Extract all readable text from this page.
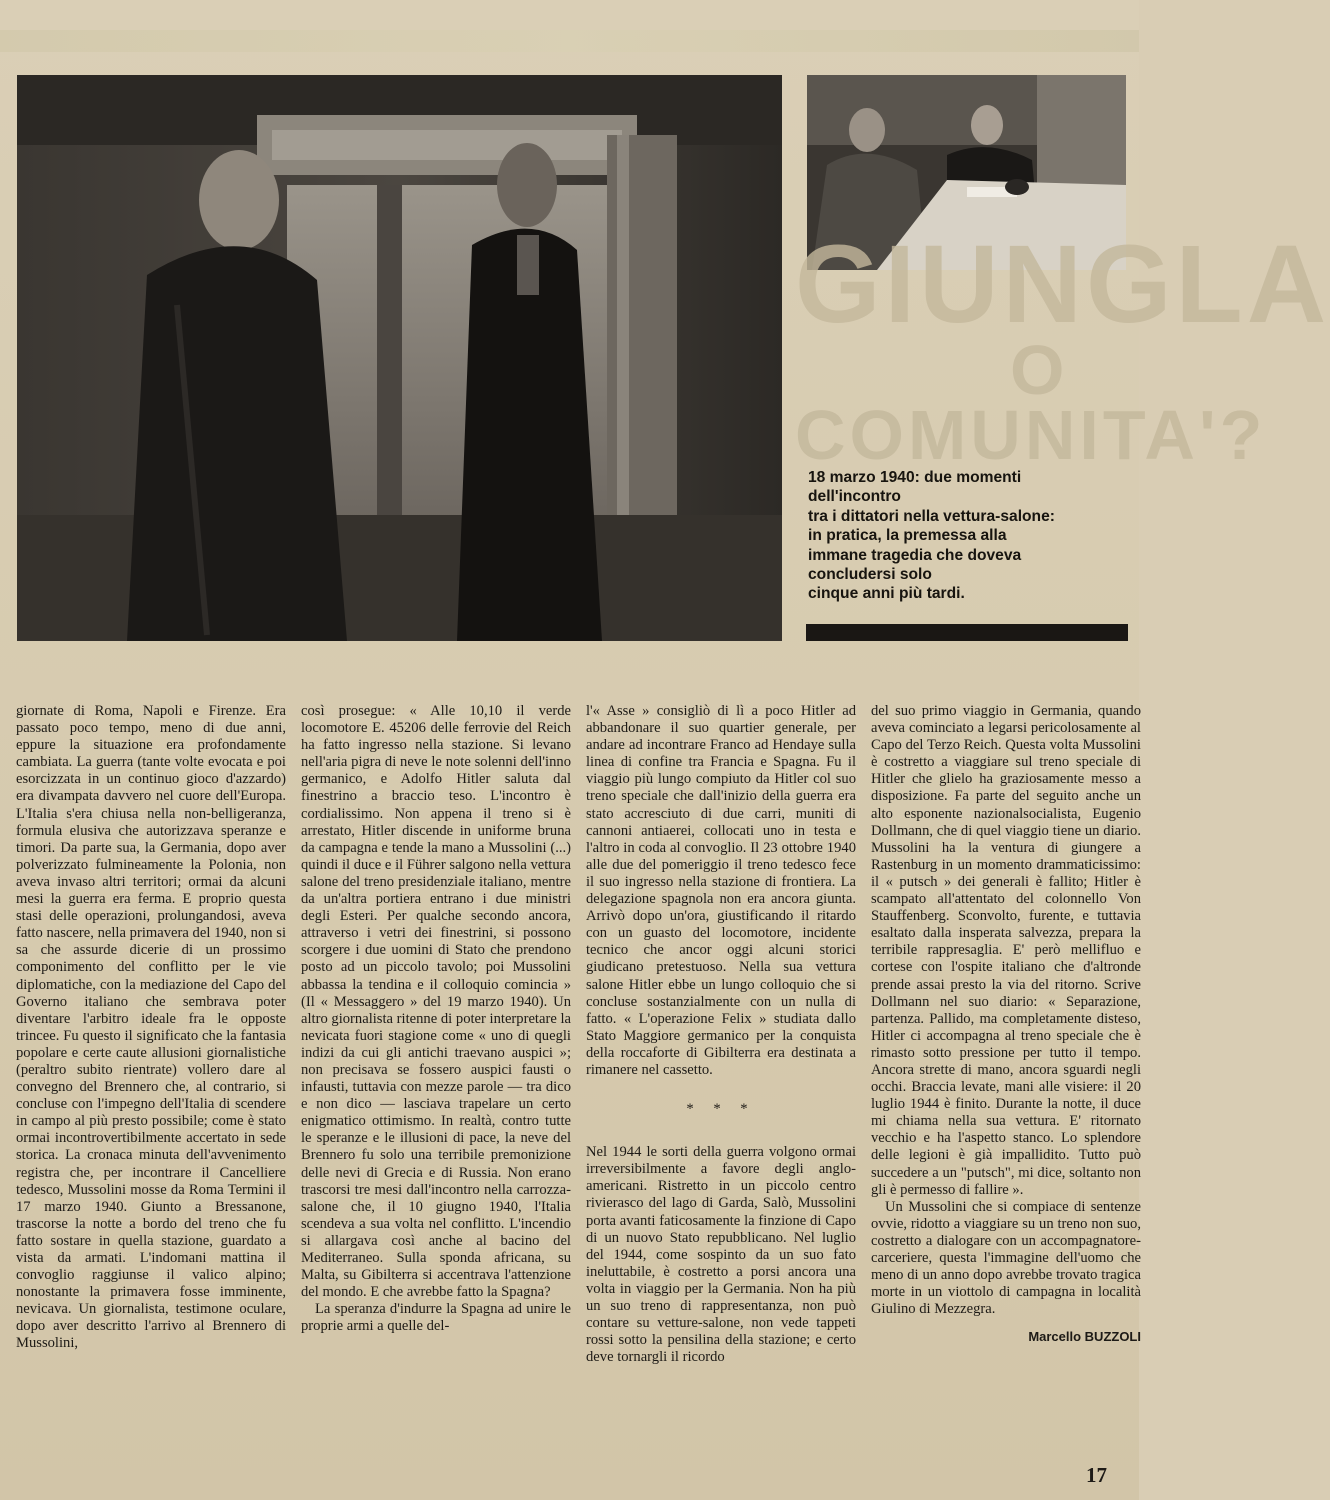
GIUNGLA
O
COMUNITA'?
18 marzo 1940: due momenti
dell'incontro
tra i dittatori nella vettura-salone:
in pratica, la premessa alla
immane tragedia che doveva
concludersi solo
cinque anni più tardi.

giornate di Roma, Napoli e Firenze. Era passato poco tempo, meno di due anni, eppure la situazione era profondamente cambiata. La guerra (tante volte evocata e poi esorcizzata in un continuo gioco d'azzardo) era divampata davvero nel cuore dell'Europa. L'Italia s'era chiusa nella non-belligeranza, formula elusiva che autorizzava speranze e timori. Da parte sua, la Germania, dopo aver polverizzato fulmineamente la Polonia, non aveva invaso altri territori; ormai da alcuni mesi la guerra era ferma. E proprio questa stasi delle operazioni, prolungandosi, aveva fatto nascere, nella primavera del 1940, non si sa che assurde dicerie di un prossimo componimento del conflitto per le vie diplomatiche, con la mediazione del Capo del Governo italiano che sembrava poter diventare l'arbitro ideale fra le opposte trincee. Fu questo il significato che la fantasia popolare e certe caute allusioni giornalistiche (peraltro subito rientrate) vollero dare al convegno del Brennero che, al contrario, si concluse con l'impegno dell'Italia di scendere in campo al più presto possibile; come è stato ormai incontrovertibilmente accertato in sede storica. La cronaca minuta dell'avvenimento registra che, per incontrare il Cancelliere tedesco, Mussolini mosse da Roma Termini il 17 marzo 1940. Giunto a Bressanone, trascorse la notte a bordo del treno che fu fatto sostare in quella stazione, guardato a vista da armati. L'indomani mattina il convoglio raggiunse il valico alpino; nonostante la primavera fosse imminente, nevicava. Un giornalista, testimone oculare, dopo aver descritto l'arrivo al Brennero di Mussolini,

così prosegue: « Alle 10,10 il verde locomotore E. 45206 delle ferrovie del Reich ha fatto ingresso nella stazione. Si levano nell'aria pigra di neve le note solenni dell'inno germanico, e Adolfo Hitler saluta dal finestrino a braccio teso. L'incontro è cordialissimo. Non appena il treno si è arrestato, Hitler discende in uniforme bruna da campagna e tende la mano a Mussolini (...) quindi il duce e il Führer salgono nella vettura salone del treno presidenziale italiano, mentre da un'altra portiera entrano i due ministri degli Esteri. Per qualche secondo ancora, attraverso i vetri dei finestrini, si possono scorgere i due uomini di Stato che prendono posto ad un piccolo tavolo; poi Mussolini abbassa la tendina e il colloquio comincia » (Il « Messaggero » del 19 marzo 1940). Un altro giornalista ritenne di poter interpretare la nevicata fuori stagione come « uno di quegli indizi da cui gli antichi traevano auspici »; non precisava se fossero auspici fausti o infausti, tuttavia con mezze parole — tra dico e non dico — lasciava trapelare un certo enigmatico ottimismo. In realtà, contro tutte le speranze e le illusioni di pace, la neve del Brennero fu solo una terribile premonizione delle nevi di Grecia e di Russia. Non erano trascorsi tre mesi dall'incontro nella carrozza-salone che, il 10 giugno 1940, l'Italia scendeva a sua volta nel conflitto. L'incendio si allargava così anche al bacino del Mediterraneo. Sulla sponda africana, su Malta, su Gibilterra si accentrava l'attenzione del mondo. E che avrebbe fatto la Spagna?

La speranza d'indurre la Spagna ad unire le proprie armi a quelle del-

l'« Asse » consigliò di lì a poco Hitler ad abbandonare il suo quartier generale, per andare ad incontrare Franco ad Hendaye sulla linea di confine tra Francia e Spagna. Fu il viaggio più lungo compiuto da Hitler col suo treno speciale che dall'inizio della guerra era stato accresciuto di due carri, muniti di cannoni antiaerei, collocati uno in testa e l'altro in coda al convoglio. Il 23 ottobre 1940 alle due del pomeriggio il treno tedesco fece il suo ingresso nella stazione di frontiera. La delegazione spagnola non era ancora giunta. Arrivò dopo un'ora, giustificando il ritardo con un guasto del locomotore, incidente tecnico che ancor oggi alcuni storici giudicano pretestuoso. Nella sua vettura salone Hitler ebbe un lungo colloquio che si concluse sostanzialmente con un nulla di fatto. « L'operazione Felix » studiata dallo Stato Maggiore germanico per la conquista della roccaforte di Gibilterra era destinata a rimanere nel cassetto.

* * *

Nel 1944 le sorti della guerra volgono ormai irreversibilmente a favore degli anglo-americani. Ristretto in un piccolo centro rivierasco del lago di Garda, Salò, Mussolini porta avanti faticosamente la finzione di Capo di un nuovo Stato repubblicano. Nel luglio del 1944, come sospinto da un suo fato ineluttabile, è costretto a porsi ancora una volta in viaggio per la Germania. Non ha più un suo treno di rappresentanza, non può contare su vetture-salone, non vede tappeti rossi sotto la pensilina della stazione; e certo deve tornargli il ricordo

del suo primo viaggio in Germania, quando aveva cominciato a legarsi pericolosamente al Capo del Terzo Reich. Questa volta Mussolini è costretto a viaggiare sul treno speciale di Hitler che glielo ha graziosamente messo a disposizione. Fa parte del seguito anche un alto esponente nazionalsocialista, Eugenio Dollmann, che di quel viaggio tiene un diario. Mussolini ha la ventura di giungere a Rastenburg in un momento drammaticissimo: il « putsch » dei generali è fallito; Hitler è scampato all'attentato del colonnello Von Stauffenberg. Sconvolto, furente, e tuttavia esaltato dalla insperata salvezza, prepara la terribile rappresaglia. E' però mellifluo e cortese con l'ospite italiano che d'altronde prende assai presto la via del ritorno. Scrive Dollmann nel suo diario: « Separazione, partenza. Pallido, ma completamente disteso, Hitler ci accompagna al treno speciale che è rimasto sotto pressione per tutto il tempo. Ancora strette di mano, ancora sguardi negli occhi. Braccia levate, mani alle visiere: il 20 luglio 1944 è finito. Durante la notte, il duce mi chiama nella sua vettura. E' ritornato vecchio e ha l'aspetto stanco. Lo splendore delle legioni è già impallidito. Tutto può succedere a un "putsch", mi dice, soltanto non gli è permesso di fallire ».

Un Mussolini che si compiace di sentenze ovvie, ridotto a viaggiare su un treno non suo, costretto a dialogare con un accompagnatore-carceriere, questa l'immagine dell'uomo che meno di un anno dopo avrebbe trovato tragica morte in un viottolo di campagna in località Giulino di Mezzegra.

Marcello BUZZOLI
17
